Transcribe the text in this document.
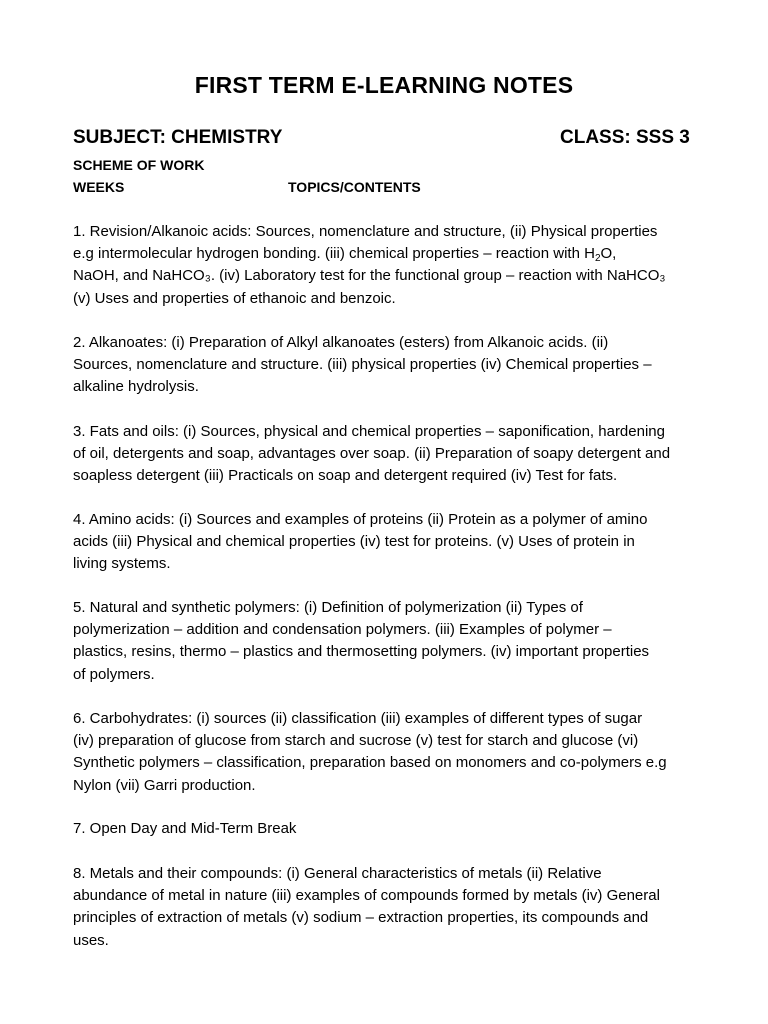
FIRST TERM E-LEARNING NOTES
SUBJECT: CHEMISTRY	CLASS: SSS 3
SCHEME OF WORK
WEEKS	TOPICS/CONTENTS
1. Revision/Alkanoic acids: Sources, nomenclature and structure, (ii) Physical properties
e.g intermolecular hydrogen bonding. (iii) chemical properties – reaction with $H_2O$,
NaOH, and NaHCO₃. (iv) Laboratory test for the functional group – reaction with NaHCO₃
(v) Uses and properties of ethanoic and benzoic.
2. Alkanoates: (i) Preparation of Alkyl alkanoates (esters) from Alkanoic acids. (ii)
Sources, nomenclature and structure. (iii) physical properties (iv) Chemical properties –
alkaline hydrolysis.
3. Fats and oils: (i) Sources, physical and chemical properties – saponification, hardening
of oil, detergents and soap, advantages over soap. (ii) Preparation of soapy detergent and
soapless detergent (iii) Practicals on soap and detergent required (iv) Test for fats.
4. Amino acids: (i) Sources and examples of proteins (ii) Protein as a polymer of amino
acids (iii) Physical and chemical properties (iv) test for proteins. (v) Uses of protein in
living systems.
5. Natural and synthetic polymers: (i) Definition of polymerization (ii) Types of
polymerization – addition and condensation polymers. (iii) Examples of polymer –
plastics, resins, thermo – plastics and thermosetting polymers. (iv) important properties
of polymers.
6. Carbohydrates: (i) sources (ii) classification (iii) examples of different types of sugar
(iv) preparation of glucose from starch and sucrose (v) test for starch and glucose (vi)
Synthetic polymers – classification, preparation based on monomers and co-polymers e.g
Nylon (vii) Garri production.
7. Open Day and Mid-Term Break
8. Metals and their compounds: (i) General characteristics of metals (ii) Relative
abundance of metal in nature (iii) examples of compounds formed by metals (iv) General
principles of extraction of metals (v) sodium – extraction properties, its compounds and
uses.
